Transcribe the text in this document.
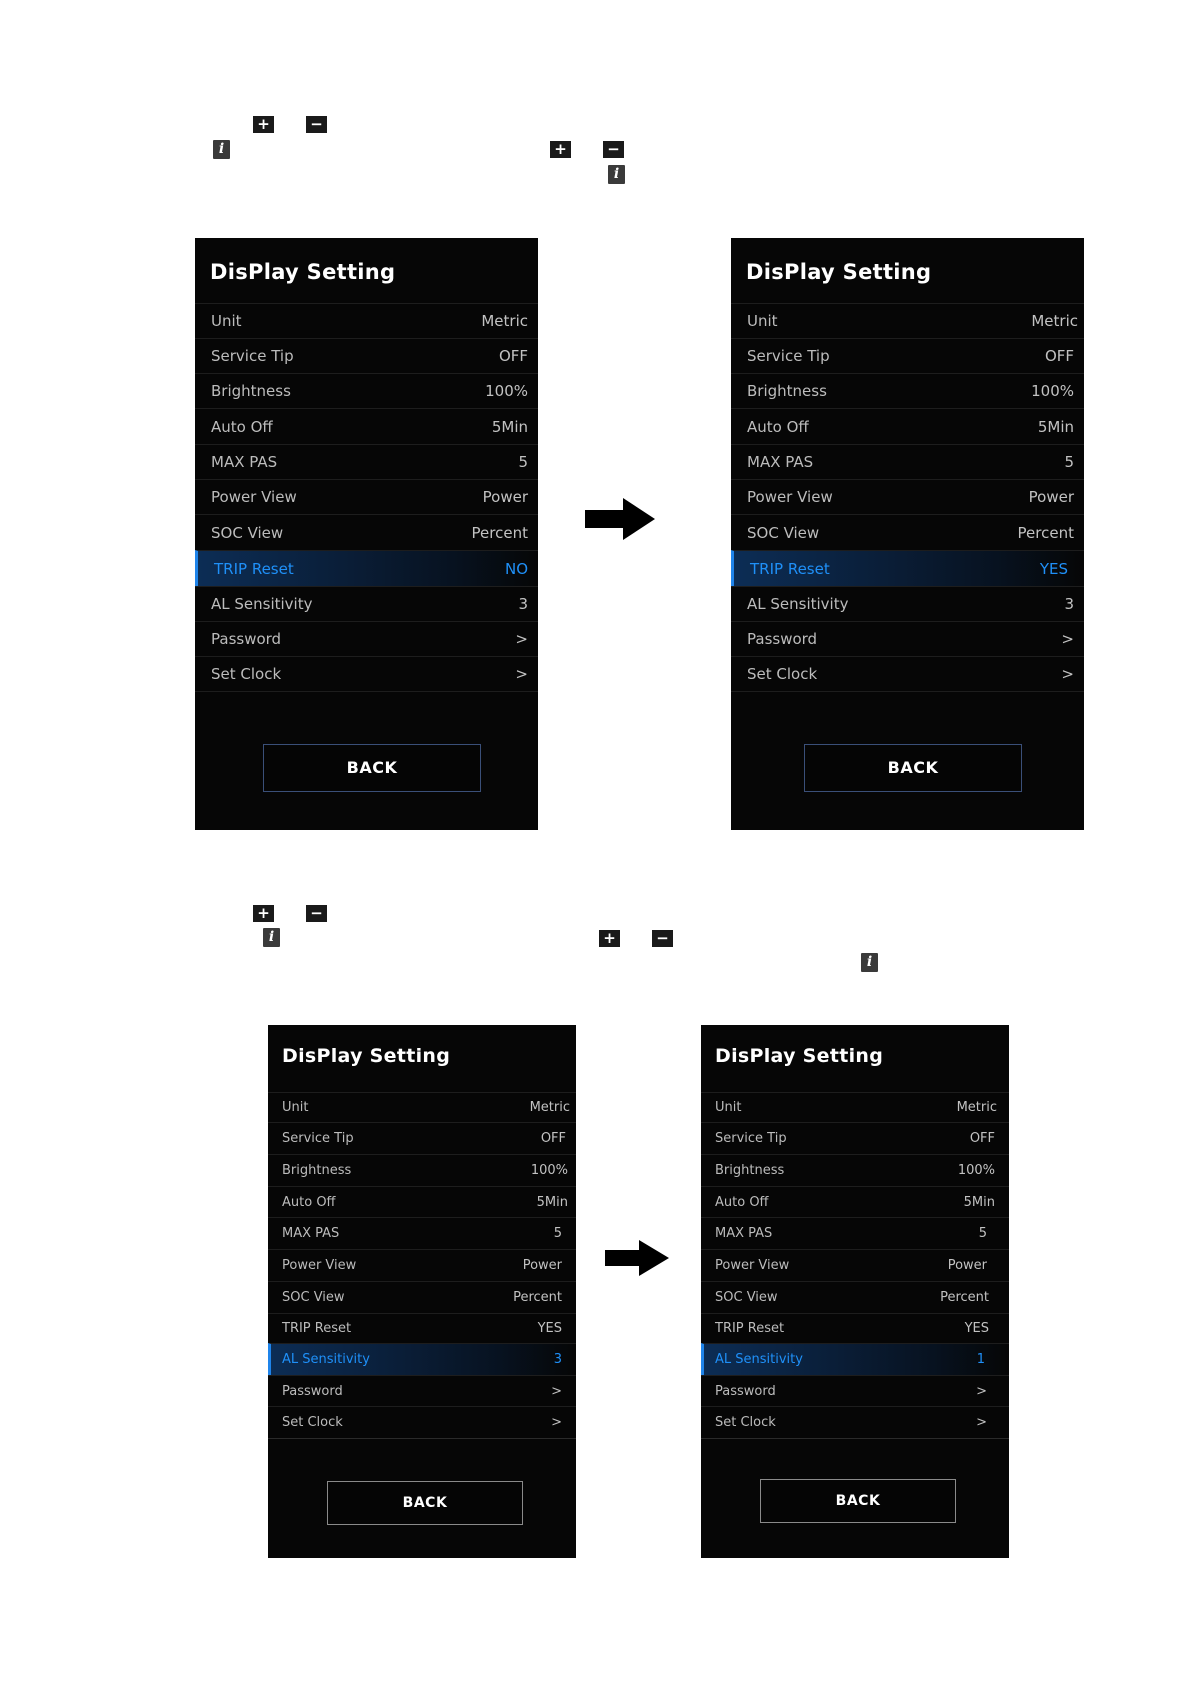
+	−
i	+	−
i
+	−
i	+	−
i
DisPlay Setting
Unit	Metric
Service Tip	OFF
Brightness	100%
Auto Off	5Min
MAX PAS	5
Power View	Power
SOC View	Percent
TRIP Reset	NO
AL Sensitivity	3
Password	>
Set Clock	>
BACK
DisPlay Setting
Unit	Metric
Service Tip	OFF
Brightness	100%
Auto Off	5Min
MAX PAS	5
Power View	Power
SOC View	Percent
TRIP Reset	YES
AL Sensitivity	3
Password	>
Set Clock	>
BACK
DisPlay Setting
Unit	Metric
Service Tip	OFF
Brightness	100%
Auto Off	5Min
MAX PAS	5
Power View	Power
SOC View	Percent
TRIP Reset	YES
AL Sensitivity	3
Password	>
Set Clock	>
BACK
DisPlay Setting
Unit	Metric
Service Tip	OFF
Brightness	100%
Auto Off	5Min
MAX PAS	5
Power View	Power
SOC View	Percent
TRIP Reset	YES
AL Sensitivity	1
Password	>
Set Clock	>
BACK
